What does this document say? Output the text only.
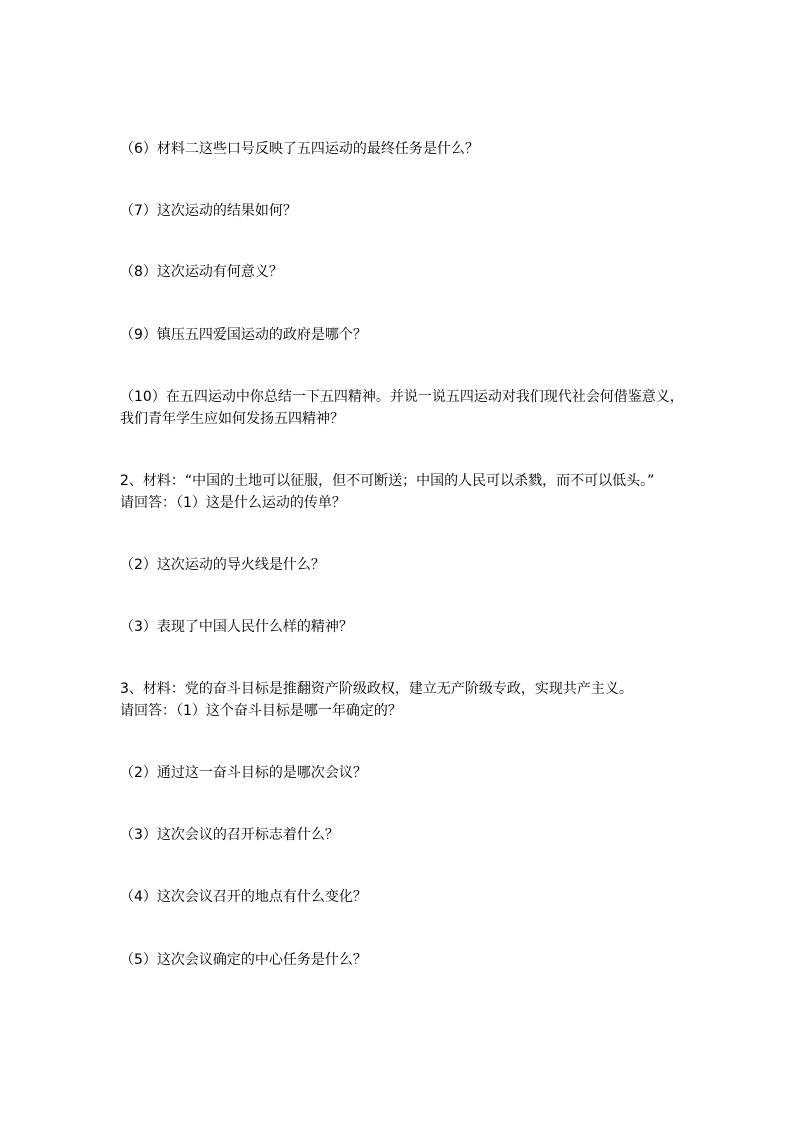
（6）材料二这些口号反映了五四运动的最终任务是什么？
（7）这次运动的结果如何？
（8）这次运动有何意义？
（9）镇压五四爱国运动的政府是哪个？
（10）在五四运动中你总结一下五四精神。并说一说五四运动对我们现代社会何借鉴意义，
我们青年学生应如何发扬五四精神？
2、材料：“中国的土地可以征服，但不可断送；中国的人民可以杀戮，而不可以低头。”
请回答：（1）这是什么运动的传单？
（2）这次运动的导火线是什么？
（3）表现了中国人民什么样的精神？
3、材料：党的奋斗目标是推翻资产阶级政权，建立无产阶级专政，实现共产主义。
请回答：（1）这个奋斗目标是哪一年确定的？
（2）通过这一奋斗目标的是哪次会议？
（3）这次会议的召开标志着什么？
（4）这次会议召开的地点有什么变化？
（5）这次会议确定的中心任务是什么？
